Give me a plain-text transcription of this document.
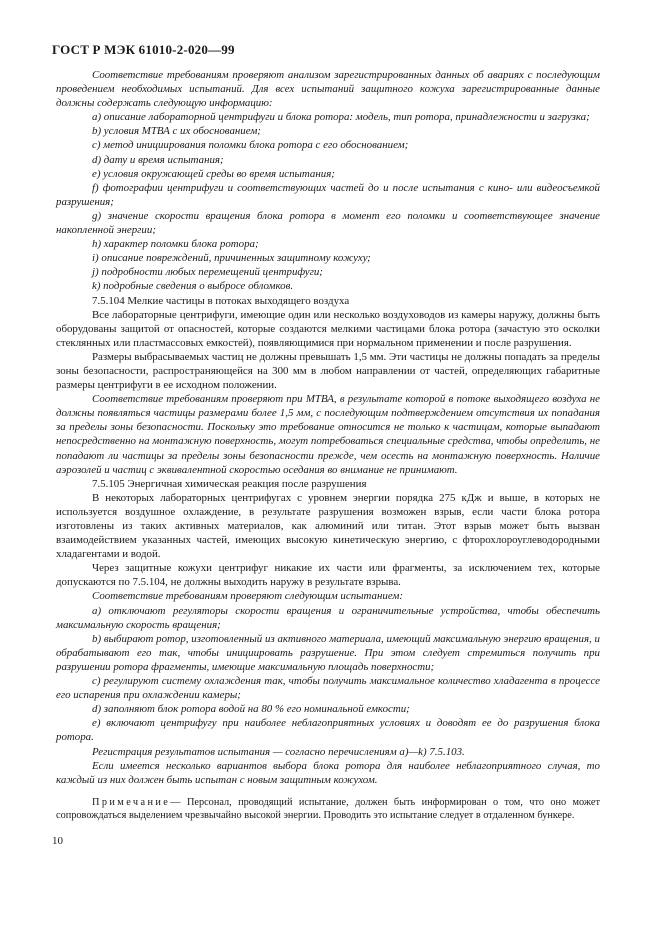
ГОСТ Р МЭК 61010-2-020—99

Соответствие требованиям проверяют анализом зарегистрированных данных об авариях с последующим проведением необходимых испытаний. Для всех испытаний защитного кожуха зарегистрированные данные должны содержать следующую информацию:

a) описание лабораторной центрифуги и блока ротора: модель, тип ротора, принадлежности и загрузка;

b) условия МТВА с их обоснованием;

c) метод инициирования поломки блока ротора с его обоснованием;

d) дату и время испытания;

e) условия окружающей среды во время испытания;

f) фотографии центрифуги и соответствующих частей до и после испытания с кино- или видеосъемкой разрушения;

g) значение скорости вращения блока ротора в момент его поломки и соответствующее значение накопленной энергии;

h) характер поломки блока ротора;

i) описание повреждений, причиненных защитному кожуху;

j) подробности любых перемещений центрифуги;

k) подробные сведения о выбросе обломков.

7.5.104 Мелкие частицы в потоках выходящего воздуха

Все лабораторные центрифуги, имеющие один или несколько воздуховодов из камеры наружу, должны быть оборудованы защитой от опасностей, которые создаются мелкими частицами блока ротора (зачастую это осколки стеклянных или пластмассовых емкостей), появляющимися при нормальном применении и после разрушения.

Размеры выбрасываемых частиц не должны превышать 1,5 мм. Эти частицы не должны попадать за пределы зоны безопасности, распространяющейся на 300 мм в любом направлении от частей, определяющих габаритные размеры центрифуги в ее исходном положении.

Соответствие требованиям проверяют при МТВА, в результате которой в потоке выходящего воздуха не должны появляться частицы размерами более 1,5 мм, с последующим подтверждением отсутствия их попадания за пределы зоны безопасности. Поскольку это требование относится не только к частицам, которые выпадают непосредственно на монтажную поверхность, могут потребоваться специальные средства, чтобы определить, не попадают ли частицы за пределы зоны безопасности прежде, чем осесть на монтажную поверхность. Наличие аэрозолей и частиц с эквивалентной скоростью оседания во внимание не принимают.

7.5.105 Энергичная химическая реакция после разрушения

В некоторых лабораторных центрифугах с уровнем энергии порядка 275 кДж и выше, в которых не используется воздушное охлаждение, в результате разрушения возможен взрыв, если части блока ротора изготовлены из таких активных материалов, как алюминий или титан. Этот взрыв может быть вызван взаимодействием указанных частей, имеющих высокую кинетическую энергию, с фторохлороуглеводородными хладагентами и водой.

Через защитные кожухи центрифуг никакие их части или фрагменты, за исключением тех, которые допускаются по 7.5.104, не должны выходить наружу в результате взрыва.

Соответствие требованиям проверяют следующим испытанием:

a) отключают регуляторы скорости вращения и ограничительные устройства, чтобы обеспечить максимальную скорость вращения;

b) выбирают ротор, изготовленный из активного материала, имеющий максимальную энергию вращения, и обрабатывают его так, чтобы инициировать разрушение. При этом следует стремиться получить при разрушении ротора фрагменты, имеющие максимальную площадь поверхности;

c) регулируют систему охлаждения так, чтобы получить максимальное количество хладагента в процессе его испарения при охлаждении камеры;

d) заполняют блок ротора водой на 80 % его номинальной емкости;

e) включают центрифугу при наиболее неблагоприятных условиях и доводят ее до разрушения блока ротора.

Регистрация результатов испытания — согласно перечислениям a)—k) 7.5.103.

Если имеется несколько вариантов выбора блока ротора для наиболее неблагоприятного случая, то каждый из них должен быть испытан с новым защитным кожухом.

Примечание— Персонал, проводящий испытание, должен быть информирован о том, что оно может сопровождаться выделением чрезвычайно высокой энергии. Проводить это испытание следует в отдаленном бункере.

10
